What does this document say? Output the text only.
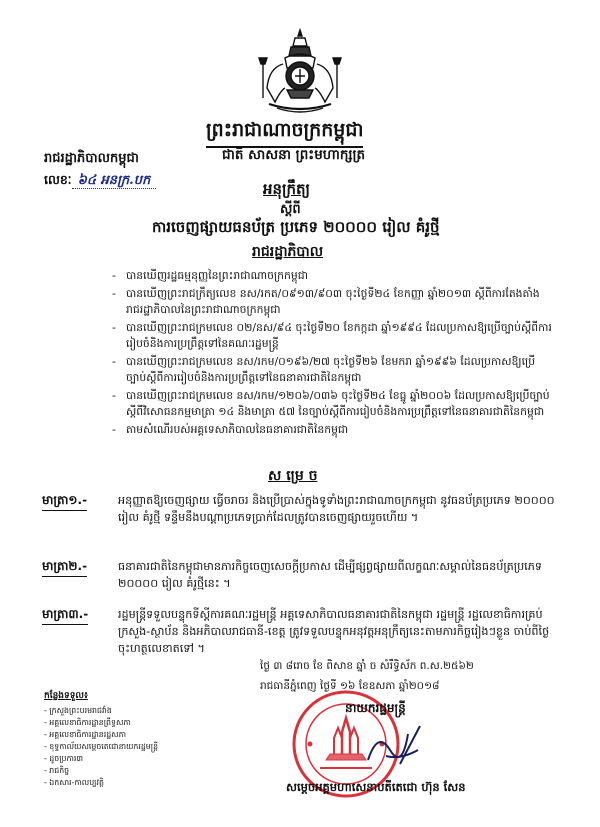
ព្រះរាជាណាចក្រកម្ពុជា
ជាតិ សាសនា ព្រះមហាក្សត្រ
រាជរដ្ឋាភិបាលកម្ពុជា
លេខៈ ៦៤ អនក្រ.បក	អនុក្រឹត្យ
ស្តីពី
ការចេញផ្សាយធនប័ត្រ ប្រភេទ ២០០០០ រៀល គំរូថ្មី
រាជរដ្ឋាភិបាល
- បានឃើញរដ្ឋធម្មនុញ្ញនៃព្រះរាជាណាចក្រកម្ពុជា
- បានឃើញព្រះរាជក្រឹត្យលេខ នស/រកត/០៩១៣/៩០៣ ចុះថ្ងៃទី២៤ ខែកញ្ញា ឆ្នាំ២០១៣ ស្តីពីការតែងតាំងរាជរដ្ឋាភិបាលនៃព្រះរាជាណាចក្រកម្ពុជា
- បានឃើញព្រះរាជក្រមលេខ ០២/នស/៩៤ ចុះថ្ងៃទី២០ ខែកក្កដា ឆ្នាំ១៩៩៤ ដែលប្រកាសឱ្យប្រើច្បាប់ស្តីពីការរៀបចំនិងការប្រព្រឹត្តទៅនៃគណៈរដ្ឋមន្ត្រី
- បានឃើញព្រះរាជក្រមលេខ នស/រកម/០១៩៦/២៧ ចុះថ្ងៃទី២៦ ខែមករា ឆ្នាំ១៩៩៦ ដែលប្រកាសឱ្យប្រើច្បាប់ស្តីពីការរៀបចំនិងការប្រព្រឹត្តទៅនៃធនាគារជាតិនៃកម្ពុជា
- បានឃើញព្រះរាជក្រមលេខ នស/រកម/១២០៦/០៣៦ ចុះថ្ងៃទី២៤ ខែធ្នូ ឆ្នាំ២០០៦ ដែលប្រកាសឱ្យប្រើច្បាប់ស្តីពីវិសោធនកម្មមាត្រា ១៤ និងមាត្រា ៥៧ នៃច្បាប់ស្តីពីការរៀបចំនិងការប្រព្រឹត្តទៅនៃធនាគារជាតិនៃកម្ពុជា
- តាមសំណើរបស់អគ្គទេសាភិបាលនៃធនាគារជាតិនៃកម្ពុជា
ស ម្រេ ច
មាត្រា១.-	អនុញ្ញាតឱ្យចេញផ្សាយ ធ្វើចរាចរ និងប្រើប្រាស់ក្នុងទូទាំងព្រះរាជាណាចក្រកម្ពុជា នូវធនប័ត្រប្រភេទ ២០០០០ រៀល គំរូថ្មី ទន្ទឹមនឹងបណ្តាប្រភេទប្រាក់ដែលត្រូវបានចេញផ្សាយរួចហើយ ។
មាត្រា២.-	ធនាគារជាតិនៃកម្ពុជាមានភារកិច្ចចេញសេចក្តីប្រកាស ដើម្បីផ្សព្វផ្សាយពីលក្ខណៈសម្គាល់នៃធនប័ត្រប្រភេទ ២០០០០ រៀល គំរូថ្មីនេះ ។
មាត្រា៣.-	រដ្ឋមន្ត្រីទទួលបន្ទុកទីស្តីការគណៈរដ្ឋមន្ត្រី អគ្គទេសាភិបាលធនាគារជាតិនៃកម្ពុជា រដ្ឋមន្ត្រី រដ្ឋលេខាធិការគ្រប់ក្រសួង-ស្ថាប័ន និងអភិបាលរាជធានី-ខេត្ត ត្រូវទទួលបន្ទុកអនុវត្តអនុក្រឹត្យនេះតាមភារកិច្ចរៀងៗខ្លួន ចាប់ពីថ្ងៃចុះហត្ថលេខាតទៅ ។
ថ្ងៃ ៣ ៨រោច ខែ ពិសាខ ឆ្នាំ ច សំរឹទ្ធិស័ក ព.ស.២៥៦២
រាជធានីភ្នំពេញ ថ្ងៃទី ១៦ ខែឧសភា ឆ្នាំ២០១៨
នាយករដ្ឋមន្ត្រី
សម្តេចអគ្គមហាសេនាបតីតេជោ ហ៊ុន សែន
កន្លែងទទួល៖
- ក្រសួងព្រះបរមរាជវាំង
- អគ្គលេខាធិការដ្ឋានព្រឹទ្ធសភា
- អគ្គលេខាធិការដ្ឋានរដ្ឋសភា
- ខុទ្ទកាល័យសម្តេចតេជោនាយករដ្ឋមន្ត្រី
- ដូចប្រការ៣
- រាជកិច្ច
- ឯកសារ-កាលប្បវត្តិ
